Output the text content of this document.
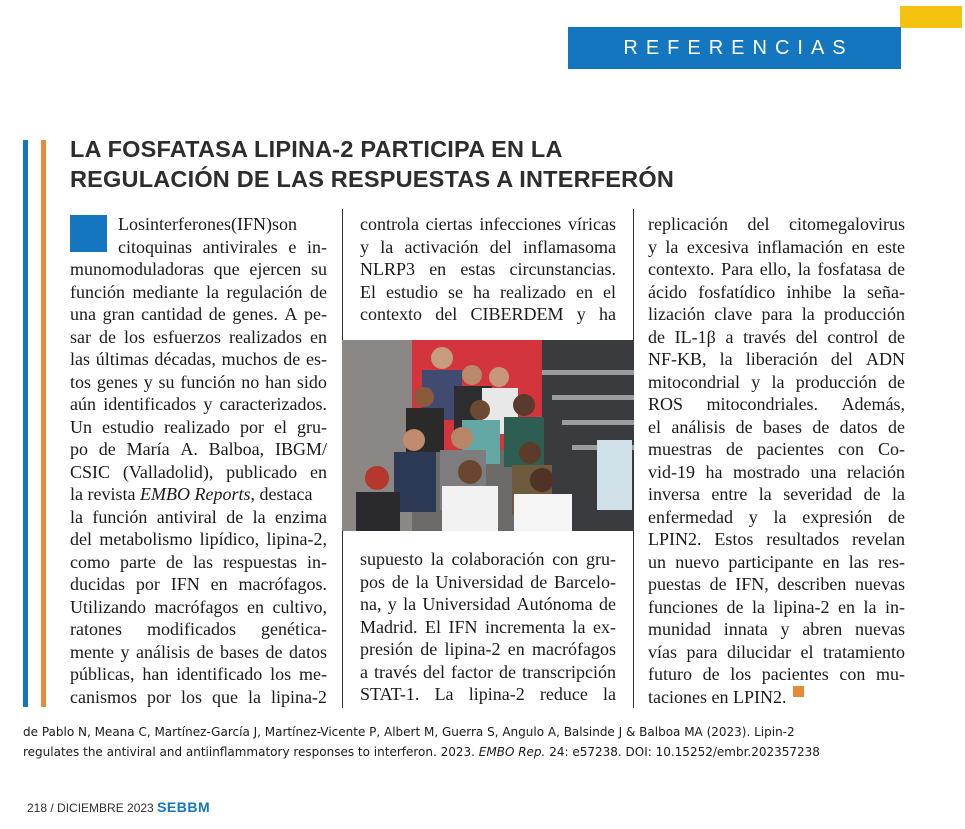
REFERENCIAS
LA FOSFATASA LIPINA-2 PARTICIPA EN LA
REGULACIÓN DE LAS RESPUESTAS A INTERFERÓN
Los interferones (IFN) son
citoquinas antivirales e in-
munomoduladoras que ejercen su
función mediante la regulación de
una gran cantidad de genes. A pe-
sar de los esfuerzos realizados en
las últimas décadas, muchos de es-
tos genes y su función no han sido
aún identificados y caracterizados.
Un estudio realizado por el gru-
po de María A. Balboa, IBGM/
CSIC (Valladolid), publicado en
la revista EMBO Reports, destaca
la función antiviral de la enzima
del metabolismo lipídico, lipina-2,
como parte de las respuestas in-
ducidas por IFN en macrófagos.
Utilizando macrófagos en cultivo,
ratones modificados genética-
mente y análisis de bases de datos
públicas, han identificado los me-
canismos por los que la lipina-2
controla ciertas infecciones víricas
y la activación del inflamasoma
NLRP3 en estas circunstancias.
El estudio se ha realizado en el
contexto del CIBERDEM y ha
supuesto la colaboración con gru-
pos de la Universidad de Barcelo-
na, y la Universidad Autónoma de
Madrid. El IFN incrementa la ex-
presión de lipina-2 en macrófagos
a través del factor de transcripción
STAT-1. La lipina-2 reduce la
replicación del citomegalovirus
y la excesiva inflamación en este
contexto. Para ello, la fosfatasa de
ácido fosfatídico inhibe la seña-
lización clave para la producción
de IL-1β a través del control de
NF-KB, la liberación del ADN
mitocondrial y la producción de
ROS mitocondriales. Además,
el análisis de bases de datos de
muestras de pacientes con Co-
vid-19 ha mostrado una relación
inversa entre la severidad de la
enfermedad y la expresión de
LPIN2. Estos resultados revelan
un nuevo participante en las res-
puestas de IFN, describen nuevas
funciones de la lipina-2 en la in-
munidad innata y abren nuevas
vías para dilucidar el tratamiento
futuro de los pacientes con mu-
taciones en LPIN2.
de Pablo N, Meana C, Martínez-García J, Martínez-Vicente P, Albert M, Guerra S, Angulo A, Balsinde J & Balboa MA (2023). Lipin-2
regulates the antiviral and antiinflammatory responses to interferon. 2023. EMBO Rep. 24: e57238. DOI: 10.15252/embr.202357238
218 / DICIEMBRE 2023 SEBBM
